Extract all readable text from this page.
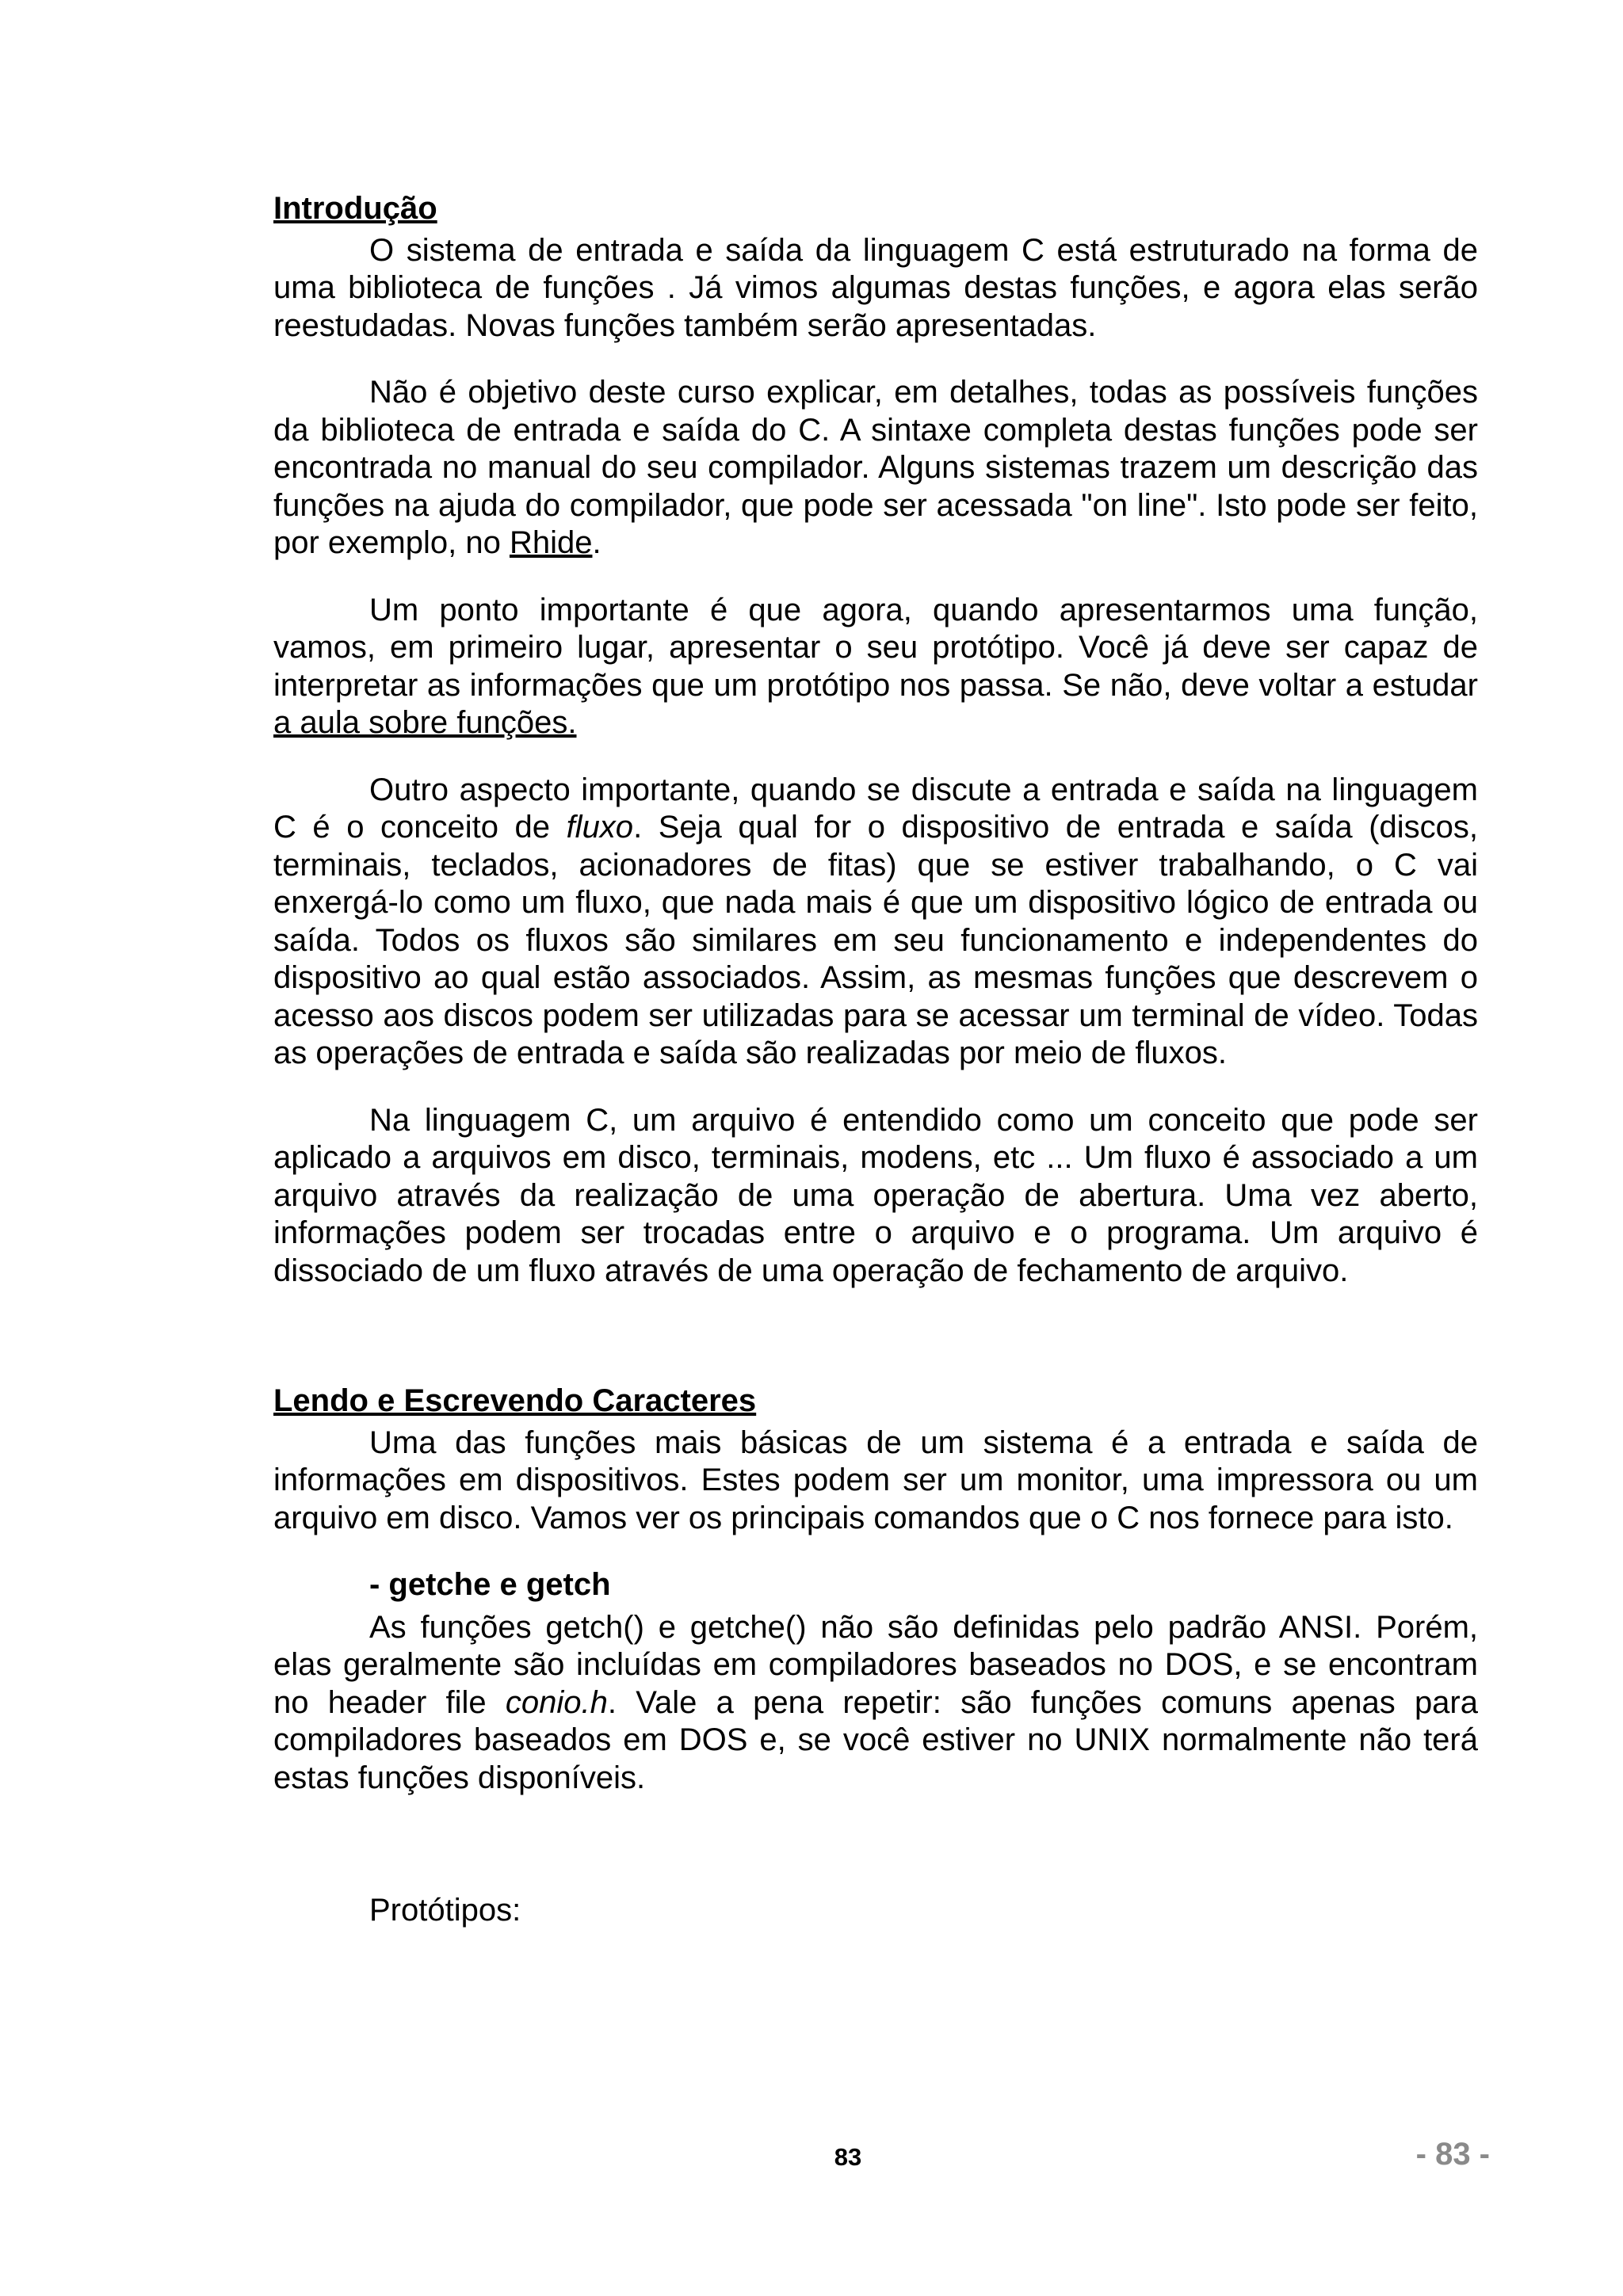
Introdução

O sistema de entrada e saída da linguagem C está estruturado na forma de uma biblioteca de funções . Já vimos algumas destas funções, e agora elas serão reestudadas. Novas funções também serão apresentadas.

Não é objetivo deste curso explicar, em detalhes, todas as possíveis funções da biblioteca de entrada e saída do C. A sintaxe completa destas funções pode ser encontrada no manual do seu compilador. Alguns sistemas trazem um descrição das funções na ajuda do compilador, que pode ser acessada "on line". Isto pode ser feito, por exemplo, no Rhide.

Um ponto importante é que agora, quando apresentarmos uma função, vamos, em primeiro lugar, apresentar o seu protótipo. Você já deve ser capaz de interpretar as informações que um protótipo nos passa. Se não, deve voltar a estudar a aula sobre funções.

Outro aspecto importante, quando se discute a entrada e saída na linguagem C é o conceito de fluxo. Seja qual for o dispositivo de entrada e saída (discos, terminais, teclados, acionadores de fitas) que se estiver trabalhando, o C vai enxergá-lo como um fluxo, que nada mais é que um dispositivo lógico de entrada ou saída. Todos os fluxos são similares em seu funcionamento e independentes do dispositivo ao qual estão associados. Assim, as mesmas funções que descrevem o acesso aos discos podem ser utilizadas para se acessar um terminal de vídeo. Todas as operações de entrada e saída são realizadas por meio de fluxos.

Na linguagem C, um arquivo é entendido como um conceito que pode ser aplicado a arquivos em disco, terminais, modens, etc ... Um fluxo é associado a um arquivo através da realização de uma operação de abertura. Uma vez aberto, informações podem ser trocadas entre o arquivo e o programa. Um arquivo é dissociado de um fluxo através de uma operação de fechamento de arquivo.

Lendo e Escrevendo Caracteres

Uma das funções mais básicas de um sistema é a entrada e saída de informações em dispositivos. Estes podem ser um monitor, uma impressora ou um arquivo em disco. Vamos ver os principais comandos que o C nos fornece para isto.

- getche e getch

As funções getch() e getche() não são definidas pelo padrão ANSI. Porém, elas geralmente são incluídas em compiladores baseados no DOS, e se encontram no header file conio.h. Vale a pena repetir: são funções comuns apenas para compiladores baseados em DOS e, se você estiver no UNIX normalmente não terá estas funções disponíveis.

Protótipos:
83	- 83 -
